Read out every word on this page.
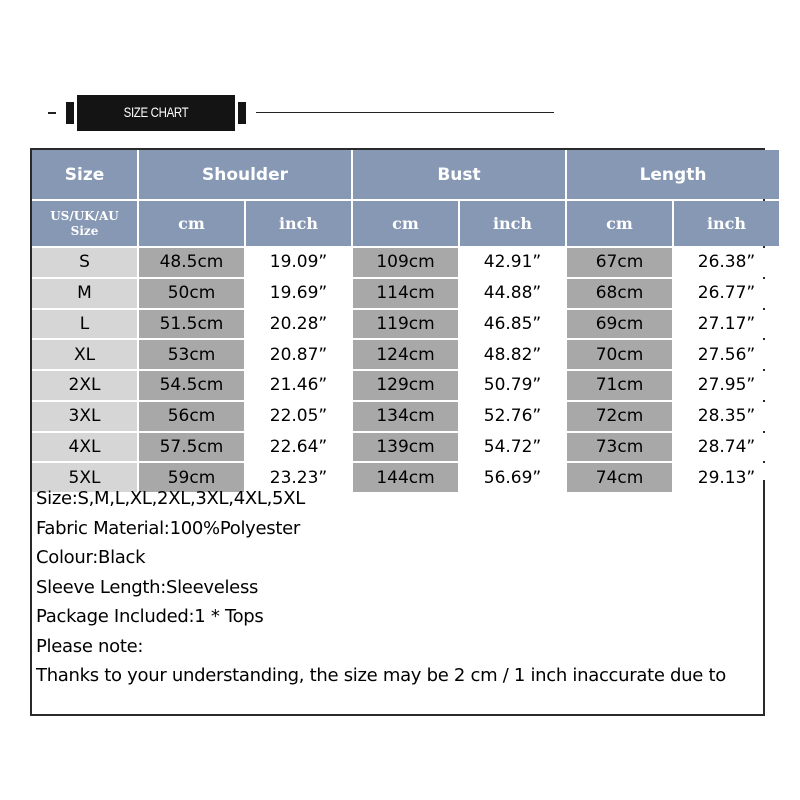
SIZE CHART
Size	Shoulder	Bust	Length
US/UK/AU
Size	cm	inch	cm	inch	cm	inch
S	48.5cm	19.09”	109cm	42.91”	67cm	26.38”
M	50cm	19.69”	114cm	44.88”	68cm	26.77”
L	51.5cm	20.28”	119cm	46.85”	69cm	27.17”
XL	53cm	20.87”	124cm	48.82”	70cm	27.56”
2XL	54.5cm	21.46”	129cm	50.79”	71cm	27.95”
3XL	56cm	22.05”	134cm	52.76”	72cm	28.35”
4XL	57.5cm	22.64”	139cm	54.72”	73cm	28.74”
5XL	59cm	23.23”	144cm	56.69”	74cm	29.13”

Size:S,M,L,XL,2XL,3XL,4XL,5XL

Fabric Material:100%Polyester

Colour:Black

Sleeve Length:Sleeveless

Package Included:1 * Tops

Please note:

Thanks to your understanding, the size may be 2 cm / 1 inch inaccurate due to
